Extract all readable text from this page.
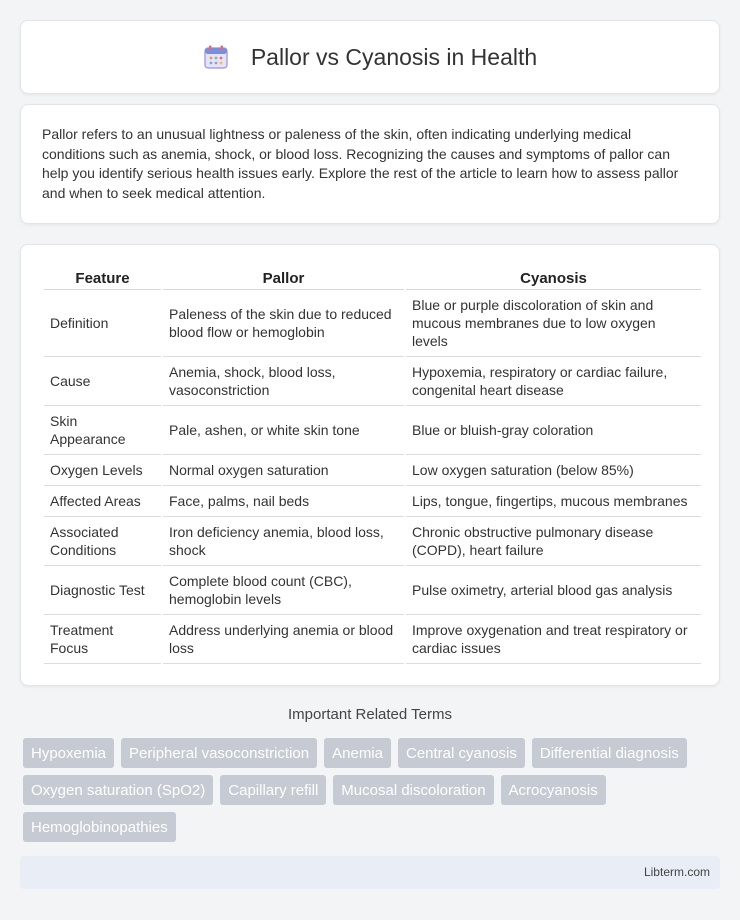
Pallor vs Cyanosis in Health

Pallor refers to an unusual lightness or paleness of the skin, often indicating underlying medical conditions such as anemia, shock, or blood loss. Recognizing the causes and symptoms of pallor can help you identify serious health issues early. Explore the rest of the article to learn how to assess pallor and when to seek medical attention.

Feature	Pallor	Cyanosis
Definition	Paleness of the skin due to reduced blood flow or hemoglobin	Blue or purple discoloration of skin and mucous membranes due to low oxygen levels
Cause	Anemia, shock, blood loss, vasoconstriction	Hypoxemia, respiratory or cardiac failure, congenital heart disease
Skin Appearance	Pale, ashen, or white skin tone	Blue or bluish-gray coloration
Oxygen Levels	Normal oxygen saturation	Low oxygen saturation (below 85%)
Affected Areas	Face, palms, nail beds	Lips, tongue, fingertips, mucous membranes
Associated Conditions	Iron deficiency anemia, blood loss, shock	Chronic obstructive pulmonary disease (COPD), heart failure
Diagnostic Test	Complete blood count (CBC), hemoglobin levels	Pulse oximetry, arterial blood gas analysis
Treatment Focus	Address underlying anemia or blood loss	Improve oxygenation and treat respiratory or cardiac issues
Important Related Terms
Hypoxemia	Peripheral vasoconstriction	Anemia	Central cyanosis	Differential diagnosis
Oxygen saturation (SpO2)	Capillary refill	Mucosal discoloration	Acrocyanosis
Hemoglobinopathies
Libterm.com
